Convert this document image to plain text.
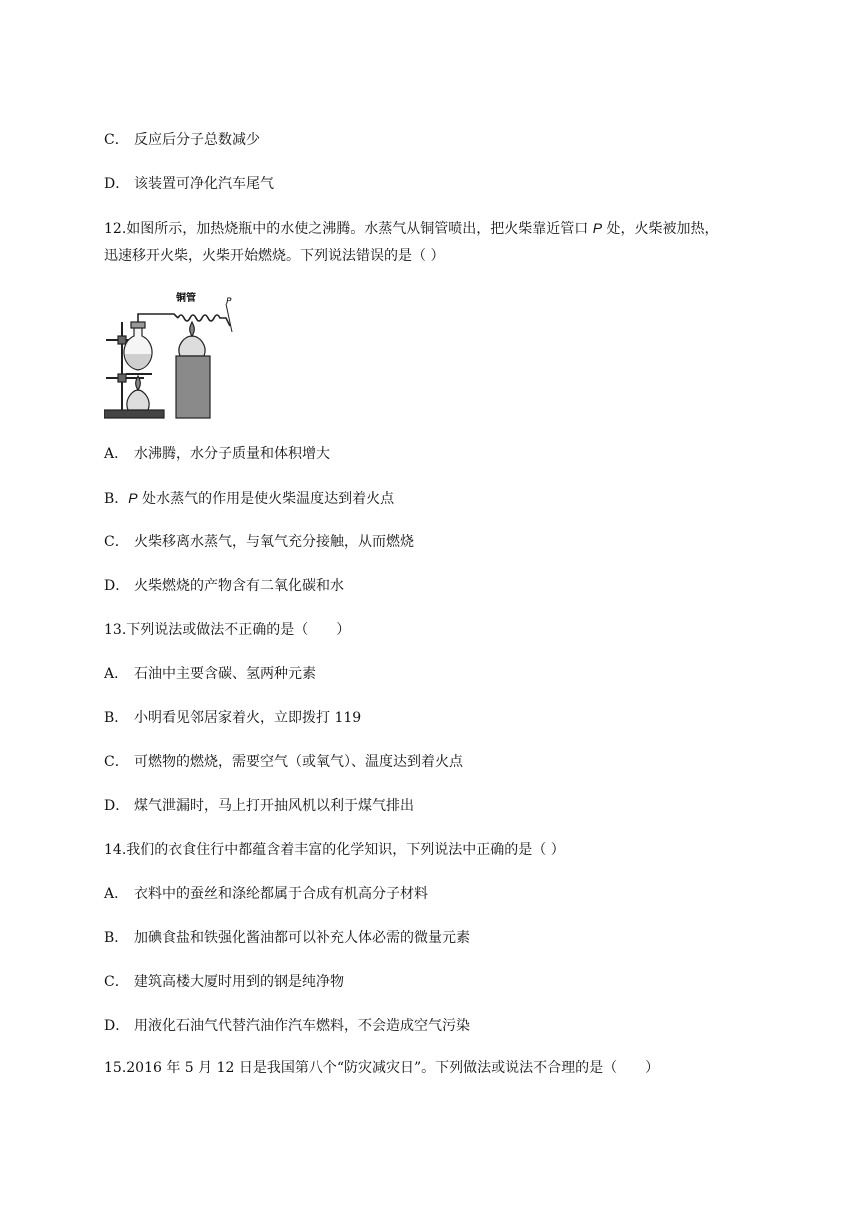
C． 反应后分子总数减少
D． 该装置可净化汽车尾气
12.如图所示，加热烧瓶中的水使之沸腾。水蒸气从铜管喷出，把火柴靠近管口 P 处，火柴被加热，
迅速移开火柴，火柴开始燃烧。下列说法错误的是（ ）
铜管	P
A． 水沸腾，水分子质量和体积增大
B．P 处水蒸气的作用是使火柴温度达到着火点
C． 火柴移离水蒸气，与氧气充分接触，从而燃烧
D． 火柴燃烧的产物含有二氧化碳和水
13.下列说法或做法不正确的是（　　）
A． 石油中主要含碳、氢两种元素
B． 小明看见邻居家着火，立即拨打 119
C． 可燃物的燃烧，需要空气（或氧气）、温度达到着火点
D． 煤气泄漏时，马上打开抽风机以利于煤气排出
14.我们的衣食住行中都蕴含着丰富的化学知识，下列说法中正确的是（ ）
A． 衣料中的蚕丝和涤纶都属于合成有机高分子材料
B． 加碘食盐和铁强化酱油都可以补充人体必需的微量元素
C． 建筑高楼大厦时用到的钢是纯净物
D． 用液化石油气代替汽油作汽车燃料，不会造成空气污染
15.2016 年 5 月 12 日是我国第八个“防灾减灾日”。下列做法或说法不合理的是（　　）
